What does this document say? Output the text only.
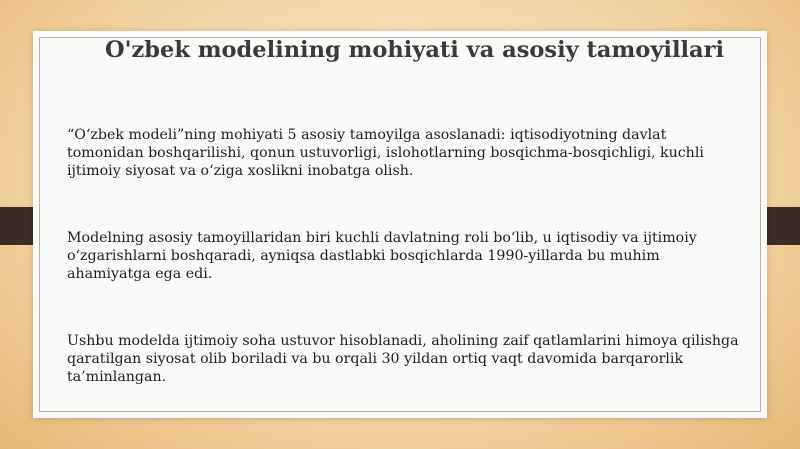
O'zbek modelining mohiyati va asosiy tamoyillari

“O‘zbek modeli”ning mohiyati 5 asosiy tamoyilga asoslanadi: iqtisodiyotning davlat tomonidan boshqarilishi, qonun ustuvorligi, islohotlarning bosqichma-bosqichligi, kuchli ijtimoiy siyosat va o‘ziga xoslikni inobatga olish.

Modelning asosiy tamoyillaridan biri kuchli davlatning roli bo‘lib, u iqtisodiy va ijtimoiy o‘zgarishlarni boshqaradi, ayniqsa dastlabki bosqichlarda 1990-yillarda bu muhim ahamiyatga ega edi.

Ushbu modelda ijtimoiy soha ustuvor hisoblanadi, aholining zaif qatlamlarini himoya qilishga qaratilgan siyosat olib boriladi va bu orqali 30 yildan ortiq vaqt davomida barqarorlik ta’minlangan.
